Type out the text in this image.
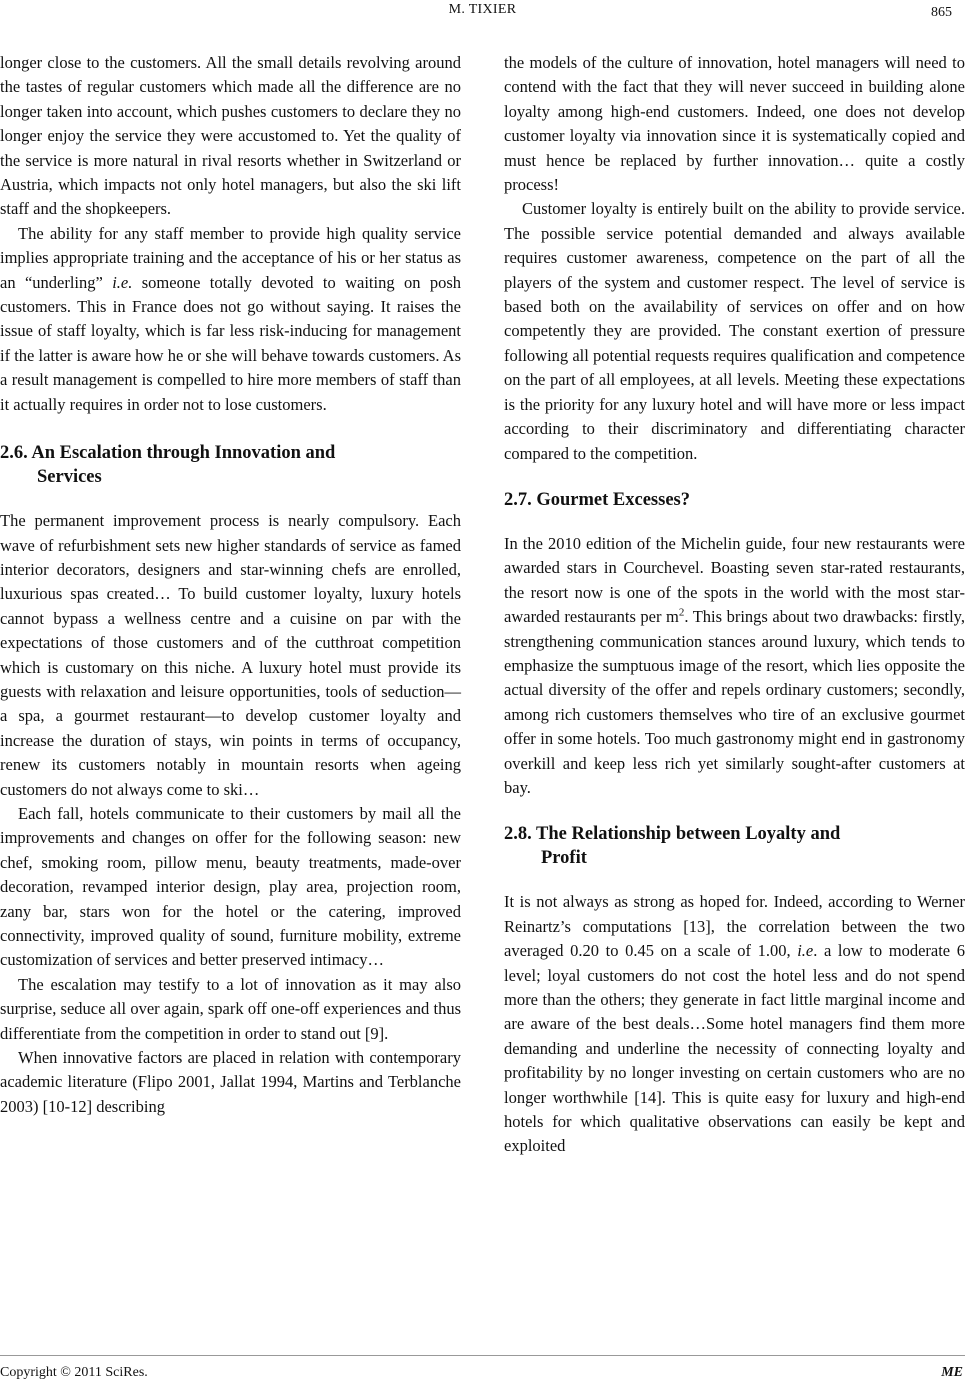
M. TIXIER	865

longer close to the customers. All the small details revolving around the tastes of regular customers which made all the difference are no longer taken into account, which pushes customers to declare they no longer enjoy the service they were accustomed to. Yet the quality of the service is more natural in rival resorts whether in Switzerland or Austria, which impacts not only hotel managers, but also the ski lift staff and the shopkeepers.

The ability for any staff member to provide high quality service implies appropriate training and the acceptance of his or her status as an “underling” i.e. someone totally devoted to waiting on posh customers. This in France does not go without saying. It raises the issue of staff loyalty, which is far less risk-inducing for management if the latter is aware how he or she will behave towards customers. As a result management is compelled to hire more members of staff than it actually requires in order not to lose customers.

2.6. An Escalation through Innovation and
Services

The permanent improvement process is nearly compulsory. Each wave of refurbishment sets new higher standards of service as famed interior decorators, designers and star-winning chefs are enrolled, luxurious spas created… To build customer loyalty, luxury hotels cannot bypass a wellness centre and a cuisine on par with the expectations of those customers and of the cutthroat competition which is customary on this niche. A luxury hotel must provide its guests with relaxation and leisure opportunities, tools of seduction—a spa, a gourmet restaurant—to develop customer loyalty and increase the duration of stays, win points in terms of occupancy, renew its customers notably in mountain resorts when ageing customers do not always come to ski…

Each fall, hotels communicate to their customers by mail all the improvements and changes on offer for the following season: new chef, smoking room, pillow menu, beauty treatments, made-over decoration, revamped interior design, play area, projection room, zany bar, stars won for the hotel or the catering, improved connectivity, improved quality of sound, furniture mobility, extreme customization of services and better preserved intimacy…

The escalation may testify to a lot of innovation as it may also surprise, seduce all over again, spark off one-off experiences and thus differentiate from the competition in order to stand out [9].

When innovative factors are placed in relation with contemporary academic literature (Flipo 2001, Jallat 1994, Martins and Terblanche 2003) [10-12] describing

the models of the culture of innovation, hotel managers will need to contend with the fact that they will never succeed in building alone loyalty among high-end customers. Indeed, one does not develop customer loyalty via innovation since it is systematically copied and must hence be replaced by further innovation… quite a costly process!

Customer loyalty is entirely built on the ability to provide service. The possible service potential demanded and always available requires customer awareness, competence on the part of all the players of the system and customer respect. The level of service is based both on the availability of services on offer and on how competently they are provided. The constant exertion of pressure following all potential requests requires qualification and competence on the part of all employees, at all levels. Meeting these expectations is the priority for any luxury hotel and will have more or less impact according to their discriminatory and differentiating character compared to the competition.

2.7. Gourmet Excesses?

In the 2010 edition of the Michelin guide, four new restaurants were awarded stars in Courchevel. Boasting seven star-rated restaurants, the resort now is one of the spots in the world with the most star-awarded restaurants per $m^2$. This brings about two drawbacks: firstly, strengthening communication stances around luxury, which tends to emphasize the sumptuous image of the resort, which lies opposite the actual diversity of the offer and repels ordinary customers; secondly, among rich customers themselves who tire of an exclusive gourmet offer in some hotels. Too much gastronomy might end in gastronomy overkill and keep less rich yet similarly sought-after customers at bay.

2.8. The Relationship between Loyalty and
Profit

It is not always as strong as hoped for. Indeed, according to Werner Reinartz’s computations [13], the correlation between the two averaged 0.20 to 0.45 on a scale of 1.00, i.e. a low to moderate 6 level; loyal customers do not cost the hotel less and do not spend more than the others; they generate in fact little marginal income and are aware of the best deals…Some hotel managers find them more demanding and underline the necessity of connecting loyalty and profitability by no longer investing on certain customers who are no longer worthwhile [14]. This is quite easy for luxury and high-end hotels for which qualitative observations can easily be kept and exploited

Copyright © 2011 SciRes.	ME
